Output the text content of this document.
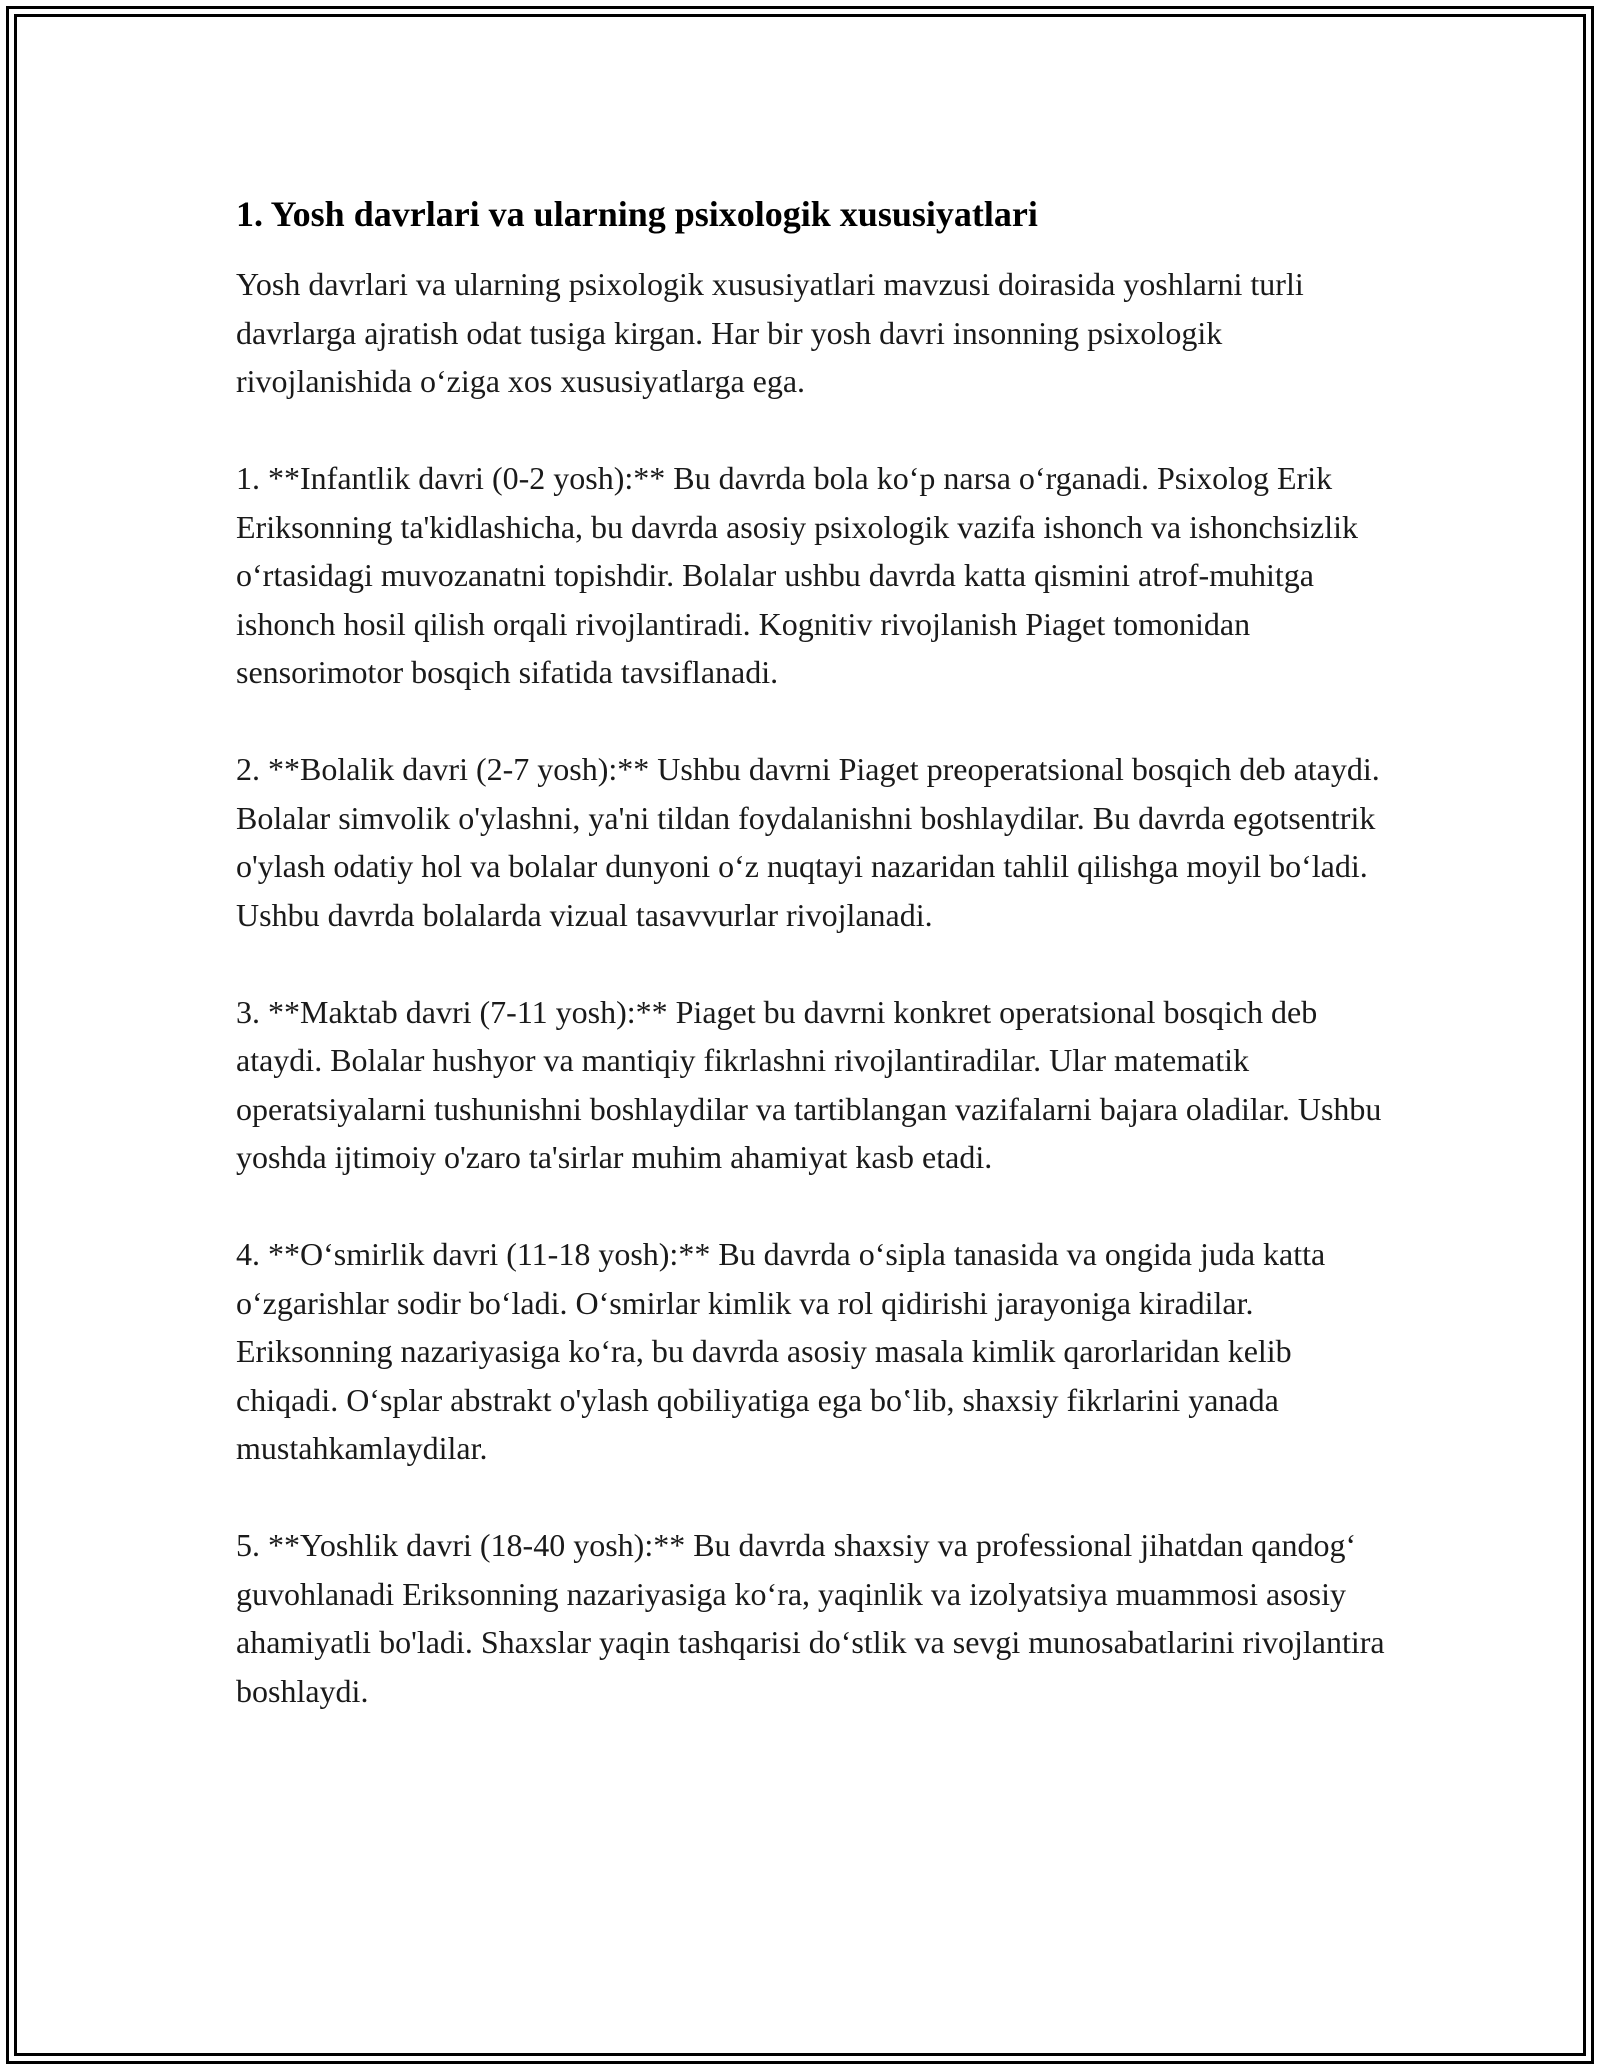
1. Yosh davrlari va ularning psixologik xususiyatlari

Yosh davrlari va ularning psixologik xususiyatlari mavzusi doirasida yoshlarni turli davrlarga ajratish odat tusiga kirgan. Har bir yosh davri insonning psixologik rivojlanishida o‘ziga xos xususiyatlarga ega.

1. **Infantlik davri (0-2 yosh):** Bu davrda bola ko‘p narsa o‘rganadi. Psixolog Erik Eriksonning ta'kidlashicha, bu davrda asosiy psixologik vazifa ishonch va ishonchsizlik o‘rtasidagi muvozanatni topishdir. Bolalar ushbu davrda katta qismini atrof-muhitga ishonch hosil qilish orqali rivojlantiradi. Kognitiv rivojlanish Piaget tomonidan sensorimotor bosqich sifatida tavsiflanadi.

2. **Bolalik davri (2-7 yosh):** Ushbu davrni Piaget preoperatsional bosqich deb ataydi. Bolalar simvolik o'ylashni, ya'ni tildan foydalanishni boshlaydilar. Bu davrda egotsentrik o'ylash odatiy hol va bolalar dunyoni o‘z nuqtayi nazaridan tahlil qilishga moyil bo‘ladi. Ushbu davrda bolalarda vizual tasavvurlar rivojlanadi.

3. **Maktab davri (7-11 yosh):** Piaget bu davrni konkret operatsional bosqich deb ataydi. Bolalar hushyor va mantiqiy fikrlashni rivojlantiradilar. Ular matematik operatsiyalarni tushunishni boshlaydilar va tartiblangan vazifalarni bajara oladilar. Ushbu yoshda ijtimoiy o'zaro ta'sirlar muhim ahamiyat kasb etadi.

4. **O‘smirlik davri (11-18 yosh):** Bu davrda o‘sipla tanasida va ongida juda katta o‘zgarishlar sodir bo‘ladi. O‘smirlar kimlik va rol qidirishi jarayoniga kiradilar. Eriksonning nazariyasiga ko‘ra, bu davrda asosiy masala kimlik qarorlaridan kelib chiqadi. O‘splar abstrakt o'ylash qobiliyatiga ega boʽlib, shaxsiy fikrlarini yanada mustahkamlaydilar.

5. **Yoshlik davri (18-40 yosh):** Bu davrda shaxsiy va professional jihatdan qandog‘ guvohlanadi Eriksonning nazariyasiga ko‘ra, yaqinlik va izolyatsiya muammosi asosiy ahamiyatli bo'ladi. Shaxslar yaqin tashqarisi do‘stlik va sevgi munosabatlarini rivojlantira boshlaydi.
